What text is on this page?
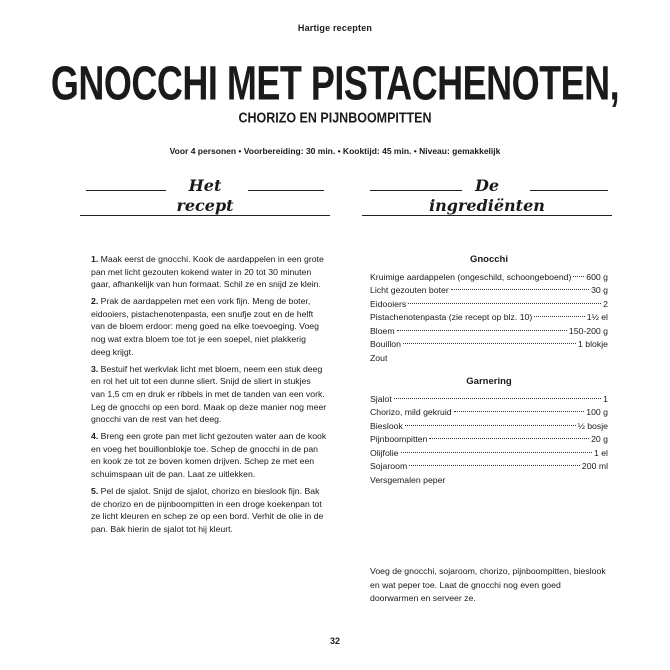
Hartige recepten
GNOCCHI MET PISTACHENOTEN,
CHORIZO EN PIJNBOOMPITTEN
Voor 4 personen • Voorbereiding: 30 min. • Kooktijd: 45 min. • Niveau: gemakkelijk
Het
recept
De
ingrediënten

1. Maak eerst de gnocchi. Kook de aardappelen in een grote pan met licht gezouten kokend water in 20 tot 30 minuten gaar, afhankelijk van hun formaat. Schil ze en snijd ze klein.

2. Prak de aardappelen met een vork fijn. Meng de boter, eidooiers, pistachenotenpasta, een snufje zout en de helft van de bloem erdoor: meng goed na elke toevoeging. Voeg nog wat extra bloem toe tot je een soepel, niet plakkerig deeg krijgt.

3. Bestuif het werkvlak licht met bloem, neem een stuk deeg en rol het uit tot een dunne sliert. Snijd de sliert in stukjes van 1,5 cm en druk er ribbels in met de tanden van een vork. Leg de gnocchi op een bord. Maak op deze manier nog meer gnocchi van de rest van het deeg.

4. Breng een grote pan met licht gezouten water aan de kook en voeg het bouillonblokje toe. Schep de gnocchi in de pan en kook ze tot ze boven komen drijven. Schep ze met een schuimspaan uit de pan. Laat ze uitlekken.

5. Pel de sjalot. Snijd de sjalot, chorizo en bieslook fijn. Bak de chorizo en de pijnboompitten in een droge koekenpan tot ze licht kleuren en schep ze op een bord. Verhit de olie in de pan. Bak hierin de sjalot tot hij kleurt.

Gnocchi
Kruimige aardappelen (ongeschild, schoongeboend) 600 g
Licht gezouten boter	30 g
Eidooiers	2
Pistachenotenpasta (zie recept op blz. 10)	1½ el
Bloem	150-200 g
Bouillon	1 blokje
Zout
Garnering
Sjalot	1
Chorizo, mild gekruid	100 g
Bieslook	½ bosje
Pijnboompitten	20 g
Olijfolie	1 el
Sojaroom	200 ml
Versgemalen peper

Voeg de gnocchi, sojaroom, chorizo, pijnboompitten, bieslook en wat peper toe. Laat de gnocchi nog even goed doorwarmen en serveer ze.

32
